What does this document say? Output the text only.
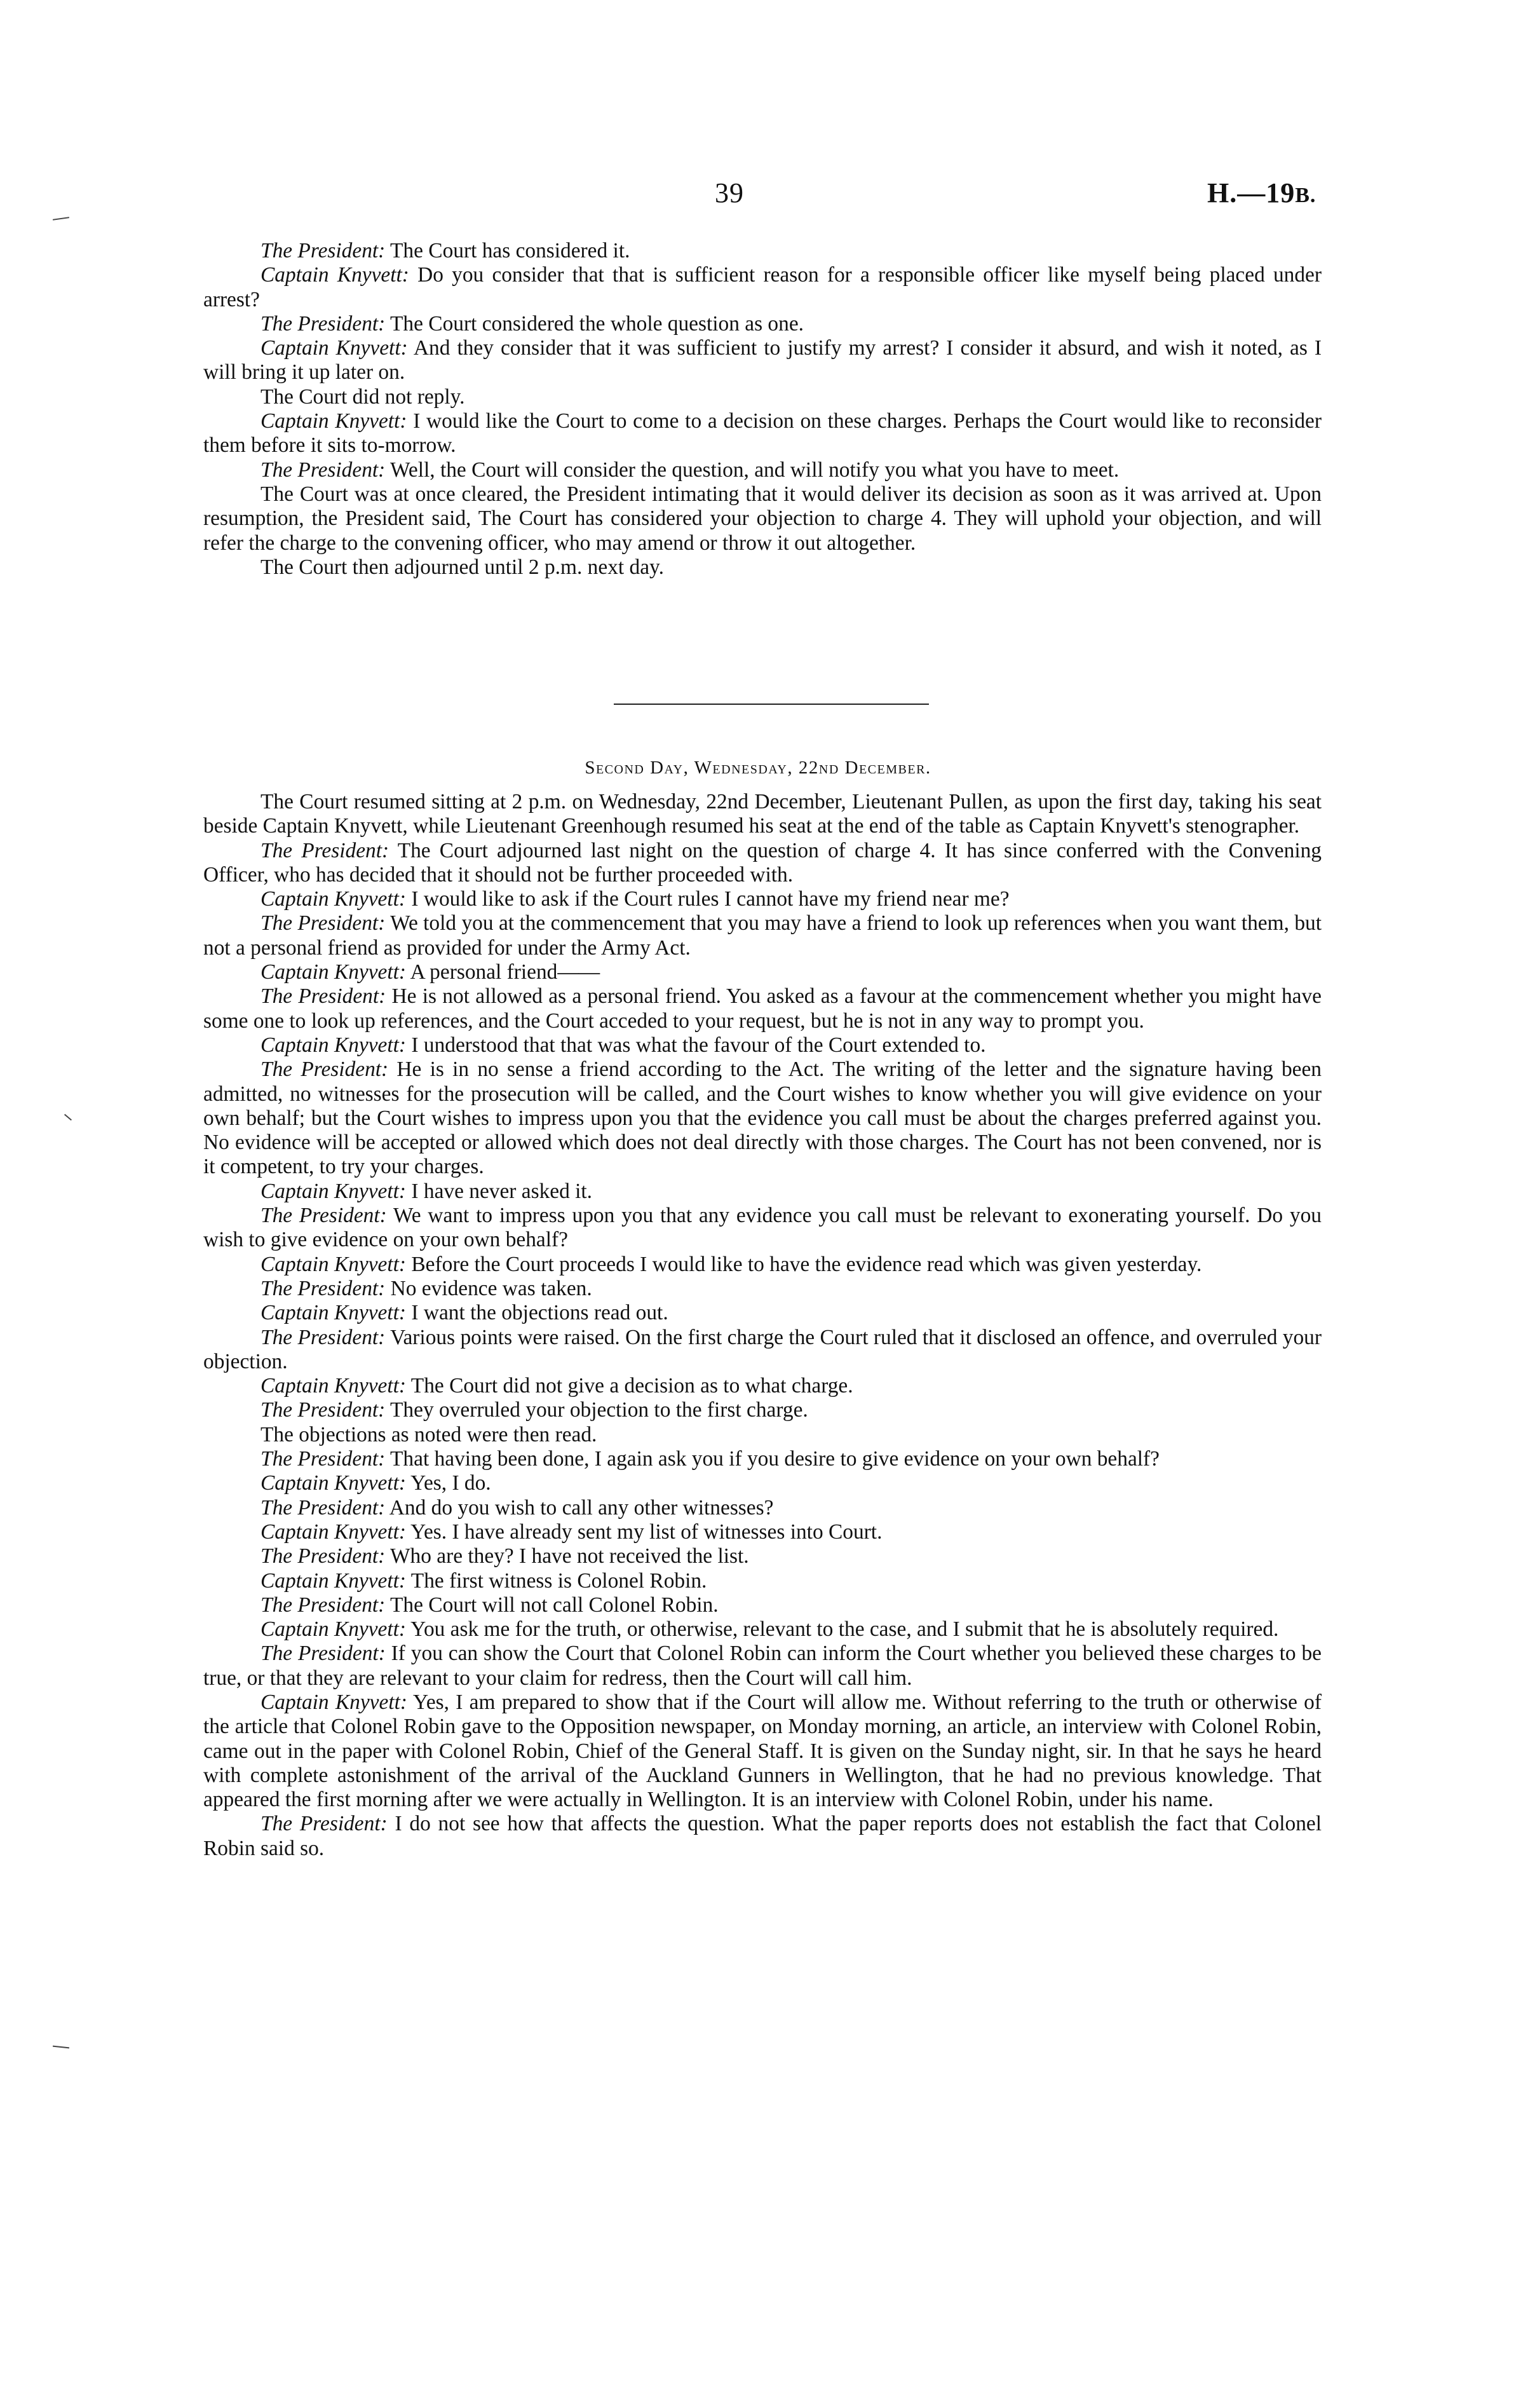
39	H.—19B.

The President: The Court has considered it.

Captain Knyvett: Do you consider that that is sufficient reason for a responsible officer like myself being placed under arrest?

The President: The Court considered the whole question as one.

Captain Knyvett: And they consider that it was sufficient to justify my arrest? I consider it absurd, and wish it noted, as I will bring it up later on.

The Court did not reply.

Captain Knyvett: I would like the Court to come to a decision on these charges. Perhaps the Court would like to reconsider them before it sits to-morrow.

The President: Well, the Court will consider the question, and will notify you what you have to meet.

The Court was at once cleared, the President intimating that it would deliver its decision as soon as it was arrived at. Upon resumption, the President said, The Court has considered your objection to charge 4. They will uphold your objection, and will refer the charge to the convening officer, who may amend or throw it out altogether.

The Court then adjourned until 2 p.m. next day.

Second Day, Wednesday, 22nd December.

The Court resumed sitting at 2 p.m. on Wednesday, 22nd December, Lieutenant Pullen, as upon the first day, taking his seat beside Captain Knyvett, while Lieutenant Greenhough resumed his seat at the end of the table as Captain Knyvett's stenographer.

The President: The Court adjourned last night on the question of charge 4. It has since conferred with the Convening Officer, who has decided that it should not be further proceeded with.

Captain Knyvett: I would like to ask if the Court rules I cannot have my friend near me?

The President: We told you at the commencement that you may have a friend to look up references when you want them, but not a personal friend as provided for under the Army Act.

Captain Knyvett: A personal friend——

The President: He is not allowed as a personal friend. You asked as a favour at the commencement whether you might have some one to look up references, and the Court acceded to your request, but he is not in any way to prompt you.

Captain Knyvett: I understood that that was what the favour of the Court extended to.

The President: He is in no sense a friend according to the Act. The writing of the letter and the signature having been admitted, no witnesses for the prosecution will be called, and the Court wishes to know whether you will give evidence on your own behalf; but the Court wishes to impress upon you that the evidence you call must be about the charges preferred against you. No evidence will be accepted or allowed which does not deal directly with those charges. The Court has not been convened, nor is it competent, to try your charges.

Captain Knyvett: I have never asked it.

The President: We want to impress upon you that any evidence you call must be relevant to exonerating yourself. Do you wish to give evidence on your own behalf?

Captain Knyvett: Before the Court proceeds I would like to have the evidence read which was given yesterday.

The President: No evidence was taken.

Captain Knyvett: I want the objections read out.

The President: Various points were raised. On the first charge the Court ruled that it disclosed an offence, and overruled your objection.

Captain Knyvett: The Court did not give a decision as to what charge.

The President: They overruled your objection to the first charge.

The objections as noted were then read.

The President: That having been done, I again ask you if you desire to give evidence on your own behalf?

Captain Knyvett: Yes, I do.

The President: And do you wish to call any other witnesses?

Captain Knyvett: Yes. I have already sent my list of witnesses into Court.

The President: Who are they? I have not received the list.

Captain Knyvett: The first witness is Colonel Robin.

The President: The Court will not call Colonel Robin.

Captain Knyvett: You ask me for the truth, or otherwise, relevant to the case, and I submit that he is absolutely required.

The President: If you can show the Court that Colonel Robin can inform the Court whether you believed these charges to be true, or that they are relevant to your claim for redress, then the Court will call him.

Captain Knyvett: Yes, I am prepared to show that if the Court will allow me. Without referring to the truth or otherwise of the article that Colonel Robin gave to the Opposition newspaper, on Monday morning, an article, an interview with Colonel Robin, came out in the paper with Colonel Robin, Chief of the General Staff. It is given on the Sunday night, sir. In that he says he heard with complete astonishment of the arrival of the Auckland Gunners in Wellington, that he had no previous knowledge. That appeared the first morning after we were actually in Wellington. It is an interview with Colonel Robin, under his name.

The President: I do not see how that affects the question. What the paper reports does not establish the fact that Colonel Robin said so.
